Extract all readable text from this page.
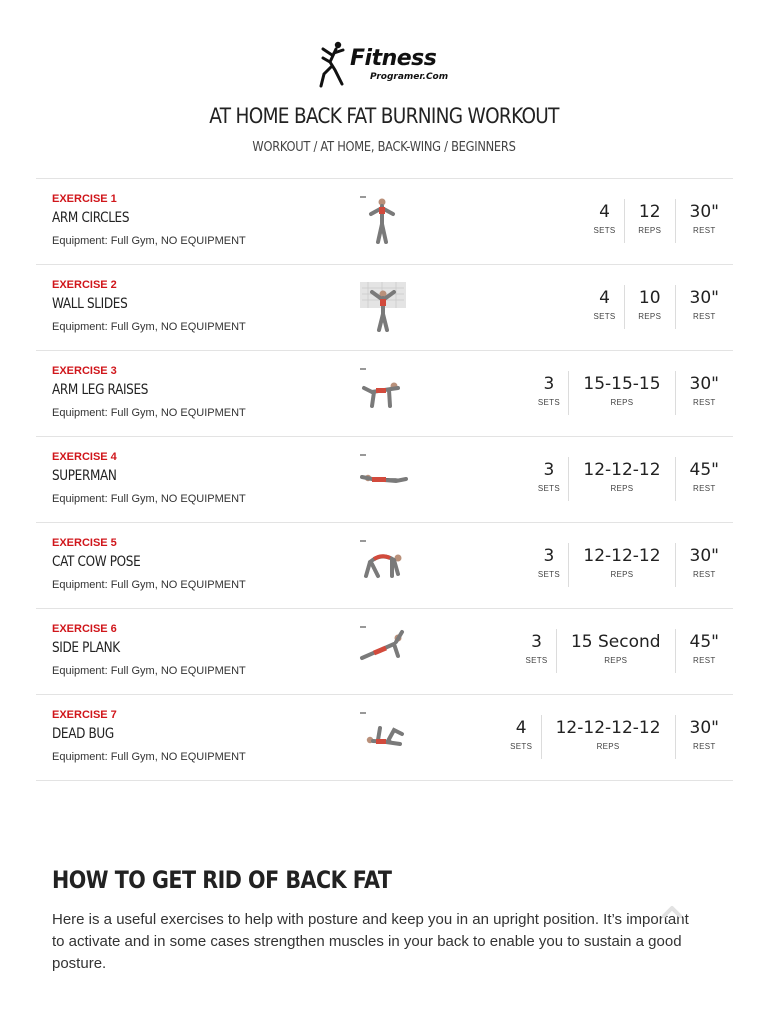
Fitness
Programer.Com
AT HOME BACK FAT BURNING WORKOUT
WORKOUT / AT HOME, BACK-WING / BEGINNERS
EXERCISE 1
ARM CIRCLES
Equipment: Full Gym, NO EQUIPMENT
4
SETS
12
REPS
30"
REST
EXERCISE 2
WALL SLIDES
Equipment: Full Gym, NO EQUIPMENT
4
SETS
10
REPS
30"
REST
EXERCISE 3
ARM LEG RAISES
Equipment: Full Gym, NO EQUIPMENT
3
SETS
15-15-15
REPS
30"
REST
EXERCISE 4
SUPERMAN
Equipment: Full Gym, NO EQUIPMENT
3
SETS
12-12-12
REPS
45"
REST
EXERCISE 5
CAT COW POSE
Equipment: Full Gym, NO EQUIPMENT
3
SETS
12-12-12
REPS
30"
REST
EXERCISE 6
SIDE PLANK
Equipment: Full Gym, NO EQUIPMENT
3
SETS
15 Second
REPS
45"
REST
EXERCISE 7
DEAD BUG
Equipment: Full Gym, NO EQUIPMENT
4
SETS
12-12-12-12
REPS
30"
REST
HOW TO GET RID OF BACK FAT
Here is a useful exercises to help with posture and keep you in an upright position. It’s important to activate and in some cases strengthen muscles in your back to enable you to sustain a good posture.
